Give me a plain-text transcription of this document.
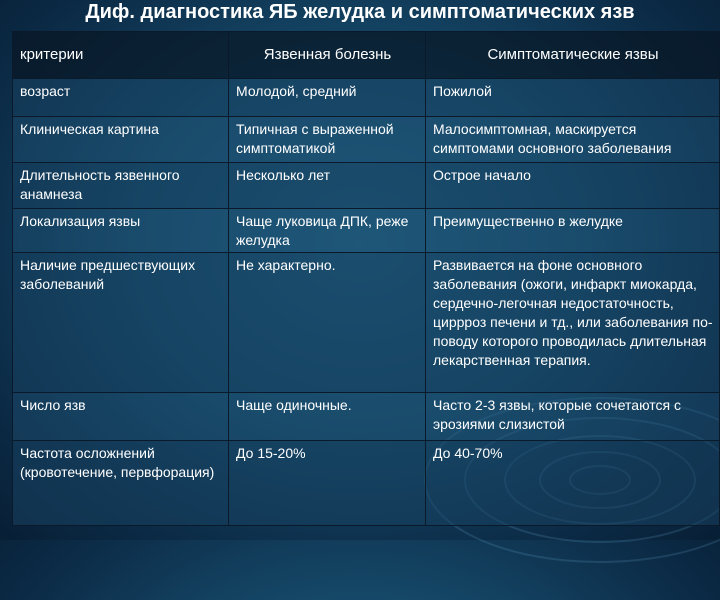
Диф. диагностика ЯБ желудка и симптоматических язв
критерии	Язвенная болезнь	Симптоматические язвы
возраст	Молодой, средний	Пожилой
Клиническая картина	Типичная с выраженной симптоматикой	Малосимптомная, маскируется симптомами основного заболевания
Длительность язвенного анамнеза	Несколько лет	Острое начало
Локализация язвы	Чаще луковица ДПК, реже желудка	Преимущественно в желудке
Наличие предшествующих заболеваний	Не характерно.	Развивается на фоне основного заболевания (ожоги, инфаркт миокарда, сердечно-легочная недостаточность, циррроз печени и тд., или заболевания по-поводу которого проводилась длительная лекарственная терапия.
Число язв	Чаще одиночные.	Часто 2-3 язвы, которые сочетаются с эрозиями слизистой
Частота осложнений (кровотечение, первфорация)	До 15-20%	До 40-70%
